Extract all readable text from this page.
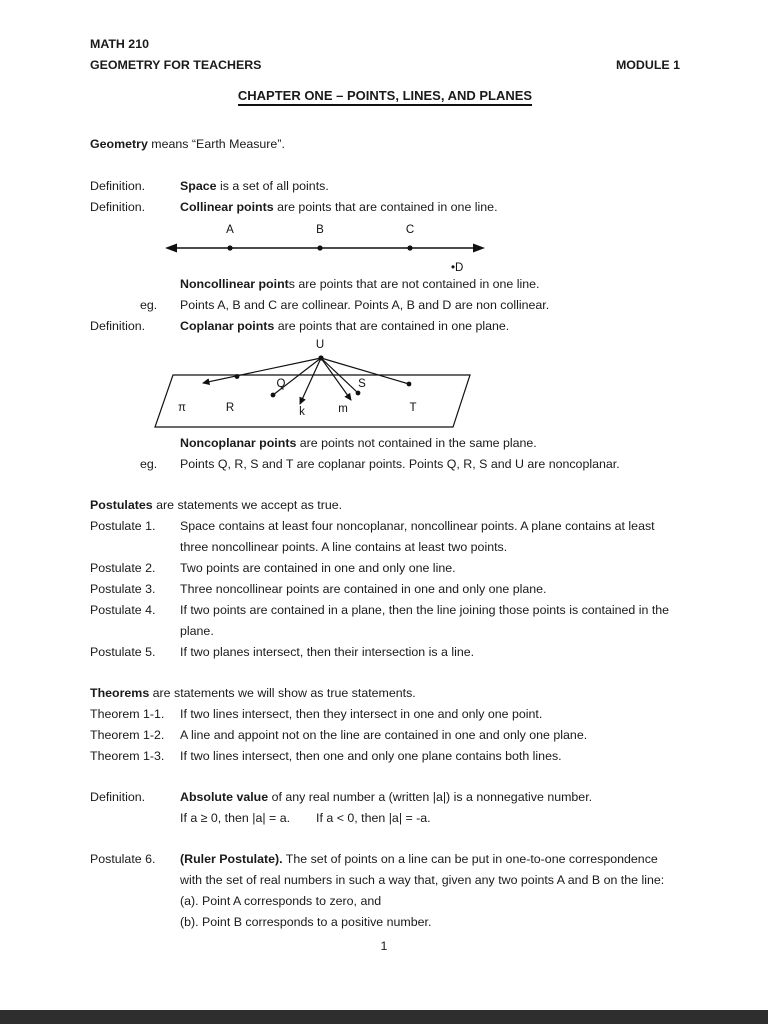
MATH 210
GEOMETRY FOR TEACHERS	MODULE 1
CHAPTER ONE – POINTS, LINES, AND PLANES
Geometry means “Earth Measure”.
Definition.	Space is a set of all points.
Definition.	Collinear points are points that are contained in one line.
A	B	C
•D
Noncollinear points are points that are not contained in one line.
eg.	Points A, B and C are collinear. Points A, B and D are non collinear.
Definition.	Coplanar points are points that are contained in one plane.
U
π	R
Q
k	m
S
T
Noncoplanar points are points not contained in the same plane.
eg.	Points Q, R, S and T are coplanar points. Points Q, R, S and U are noncoplanar.
Postulates are statements we accept as true.
Postulate 1.	Space contains at least four noncoplanar, noncollinear points. A plane contains at least three noncollinear points. A line contains at least two points.
Postulate 2.	Two points are contained in one and only one line.
Postulate 3.	Three noncollinear points are contained in one and only one plane.
Postulate 4.	If two points are contained in a plane, then the line joining those points is contained in the plane.
Postulate 5.	If two planes intersect, then their intersection is a line.
Theorems are statements we will show as true statements.
Theorem 1-1.	If two lines intersect, then they intersect in one and only one point.
Theorem 1-2.	A line and appoint not on the line are contained in one and only one plane.
Theorem 1-3.	If two lines intersect, then one and only one plane contains both lines.
Definition.	Absolute value of any real number a (written |a|) is a nonnegative number.
If a ≥ 0, then |a| = a. If a < 0, then |a| = -a.
Postulate 6.	(Ruler Postulate). The set of points on a line can be put in one-to-one correspondence with the set of real numbers in such a way that, given any two points A and B on the line:
(a). Point A corresponds to zero, and
(b). Point B corresponds to a positive number.
1
